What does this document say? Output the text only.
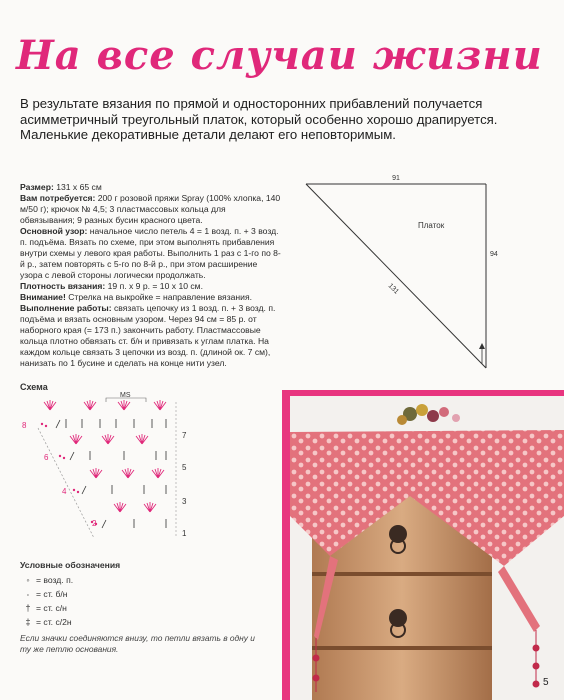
На все случаи жизни
В результате вязания по прямой и односторонних прибавлений получается асимметричный треугольный платок, который особенно хорошо драпируется. Маленькие декоративные детали делают его неповторимым.

Размер: 131 x 65 см

Вам потребуется: 200 г розовой пряжи Spray (100% хлопка, 140 м/50 г); крючок № 4,5; 3 пластмассовых кольца для обвязывания; 9 разных бусин красного цвета.

Основной узор: начальное число петель 4 = 1 возд. п. + 3 возд. п. подъёма. Вязать по схеме, при этом выполнять прибавления внутри схемы у левого края работы. Выполнить 1 раз с 1-го по 8-й р., затем повторять с 5-го по 8-й р., при этом расширение узора с левой стороны логически продолжать.

Плотность вязания: 19 п. x 9 р. = 10 x 10 см.

Внимание! Стрелка на выкройке = направление вязания.

Выполнение работы: связать цепочку из 1 возд. п. + 3 возд. п. подъёма и вязать основным узором. Через 94 см = 85 р. от наборного края (= 173 п.) закончить работу. Пластмассовые кольца плотно обвязать ст. б/н и привязать к углам платка. На каждом кольце связать 3 цепочки из возд. п. (длиной ок. 7 см), нанизать по 1 бусине и сделать на конце нити узел.

91
94
131
Платок
Схема
MS
8
6
4
2
7
5
3
1
Условные обозначения
◦ = возд. п.
⸱ = ст. б/н
† = ст. с/н
‡ = ст. с/2н
Если значки соединяются внизу, то петли вязать в одну и ту же петлю основания.
5
